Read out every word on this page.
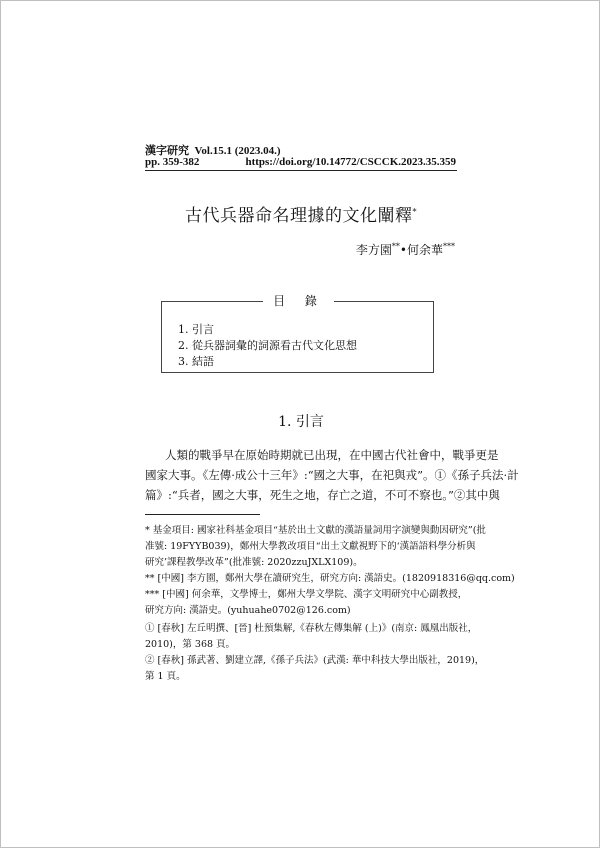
漢字研究 Vol.15.1 (2023.04.)
pp. 359-382	https://doi.org/10.14772/CSCCK.2023.35.359
古代兵器命名理據的文化闡釋*
李方園**•何余華***
目 錄
1. 引言
2. 從兵器詞彙的詞源看古代文化思想
3. 結語
1. 引言
人類的戰爭早在原始時期就已出現，在中國古代社會中，戰爭更是
國家大事。《左傳·成公十三年》:“國之大事，在祀與戎”。①《孫子兵法·計
篇》:“兵者，國之大事，死生之地，存亡之道，不可不察也。”②其中與
* 基金項目: 國家社科基金項目“基於出土文獻的漢語量詞用字演變與動因研究”(批
准號: 19FYYB039)，鄭州大學教改項目“出土文獻視野下的‘漢語語料學分析與
研究’課程教學改革”(批准號: 2020zzuJXLX109)。
** [中國] 李方園，鄭州大學在讀研究生，研究方向: 漢語史。(1820918316@qq.com)
*** [中國] 何余華，文學博士，鄭州大學文學院、漢字文明研究中心副教授，
研究方向: 漢語史。(yuhuahe0702@126.com)
① [春秋] 左丘明撰、[晉] 杜預集解,《春秋左傳集解 (上)》(南京: 鳳凰出版社，
2010)，第 368 頁。
② [春秋] 孫武著、劉建立譯,《孫子兵法》(武漢: 華中科技大學出版社，2019)，
第 1 頁。
